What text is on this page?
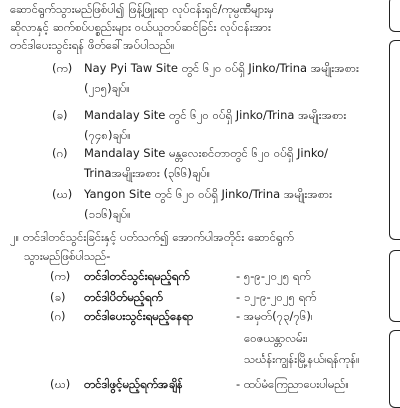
ဆောင်ရွက်သွားမည်ဖြစ်ပါ၍ ဖြန့်ဖြူးရာ လုပ်ငန်းရှင်/ကုမ္ပဏီများမှ
ဆိုလာနှင့် ဆက်စပ်ပစ္စည်းများ ဝယ်ယူတပ်ဆင်ခြင်း လုပ်ငန်းအား
တင်ဒါပေးသွင်းရန် ဖိတ်ခေါ်အပ်ပါသည်။
(က) Nay Pyi Taw Site တွင် ၆၂၀ ဝပ်ရှိ Jinko/Trina အမျိုးအစား
(၂၁၅)ချပ်။
(ခ) Mandalay Site တွင် ၆၂၀ ဝပ်ရှိ Jinko/Trina အမျိုးအစား
(၇၄၈)ချပ်။
(ဂ) Mandalay Site မန္တလေးစင်တာတွင် ၆၂၀ ဝပ်ရှိ Jinko/
Trinaအမျိုးအစား (၃၆၆)ချပ်။
(ဃ) Yangon Site တွင် ၆၂၀ ဝပ်ရှိ Jinko/Trina အမျိုးအစား
(၁၁၆)ချပ်။
၂။ တင်ဒါတင်သွင်းခြင်းနှင့် ပတ်သက်၍ အောက်ပါအတိုင်း ဆောင်ရွက်
သွားမည်ဖြစ်ပါသည်-
(က) တင်ဒါတင်သွင်းရမည့်ရက်	- ၅-၉-၂၀၂၅ ရက်
(ခ) တင်ဒါပိတ်မည့်ရက်	- ၁၂-၉-၂၀၂၅ ရက်
(ဂ) တင်ဒါပေးသွင်းရမည့်နေရာ	- အမှတ်(၇၃/၇၆)၊
ဝေဇယန္တာလမ်း၊
သင်္ဃန်းကျွန်းမြို့နယ်၊ရန်ကုန်။
(ဃ) တင်ဒါဖွင့်မည့်ရက်အချိန်	- ထပ်မံကြေညာပေးပါမည်။
